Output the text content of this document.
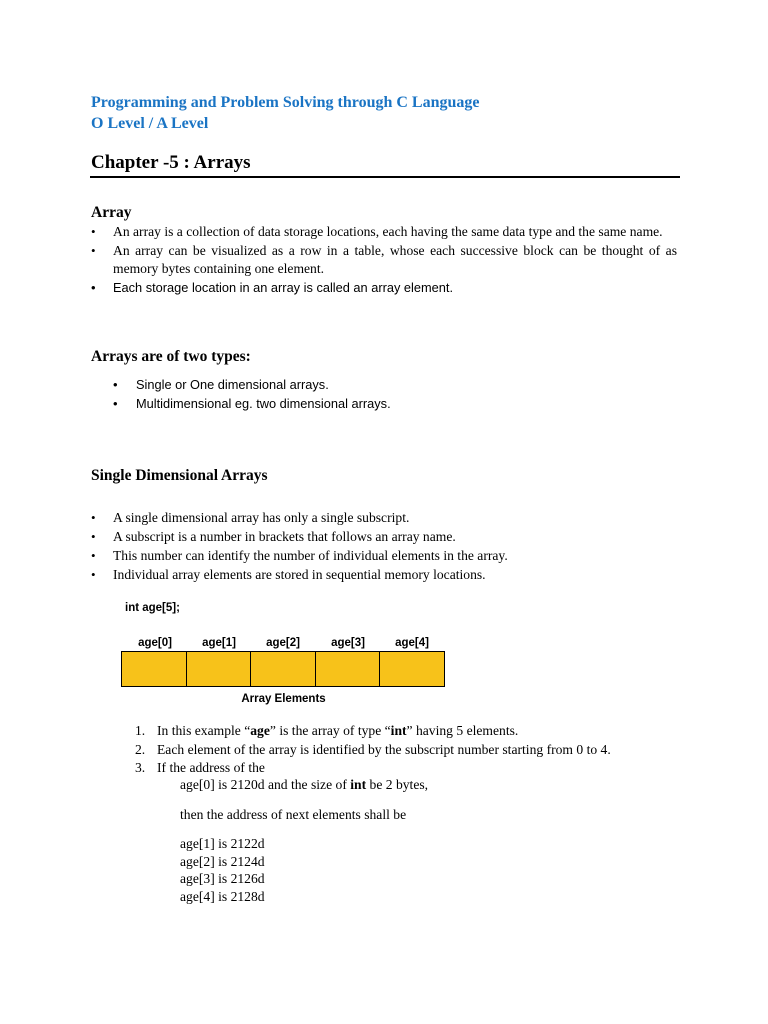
Programming and Problem Solving through C Language
O Level / A Level
Chapter -5 : Arrays
Array
• An array is a collection of data storage locations, each having the same data type and the same name.
• An array can be visualized as a row in a table, whose each successive block can be thought of as memory bytes containing one element.
• Each storage location in an array is called an array element.
Arrays are of two types:
• Single or One dimensional arrays.
• Multidimensional eg. two dimensional arrays.
Single Dimensional Arrays
• A single dimensional array has only a single subscript.
• A subscript is a number in brackets that follows an array name.
• This number can identify the number of individual elements in the array.
• Individual array elements are stored in sequential memory locations.
int age[5];
age[0]	age[1]	age[2]	age[3]	age[4]
Array Elements
1. In this example “age” is the array of type “int” having 5 elements.
2. Each element of the array is identified by the subscript number starting from 0 to 4.
3. If the address of the
age[0] is 2120d and the size of int be 2 bytes,
then the address of next elements shall be
age[1] is 2122d
age[2] is 2124d
age[3] is 2126d
age[4] is 2128d
